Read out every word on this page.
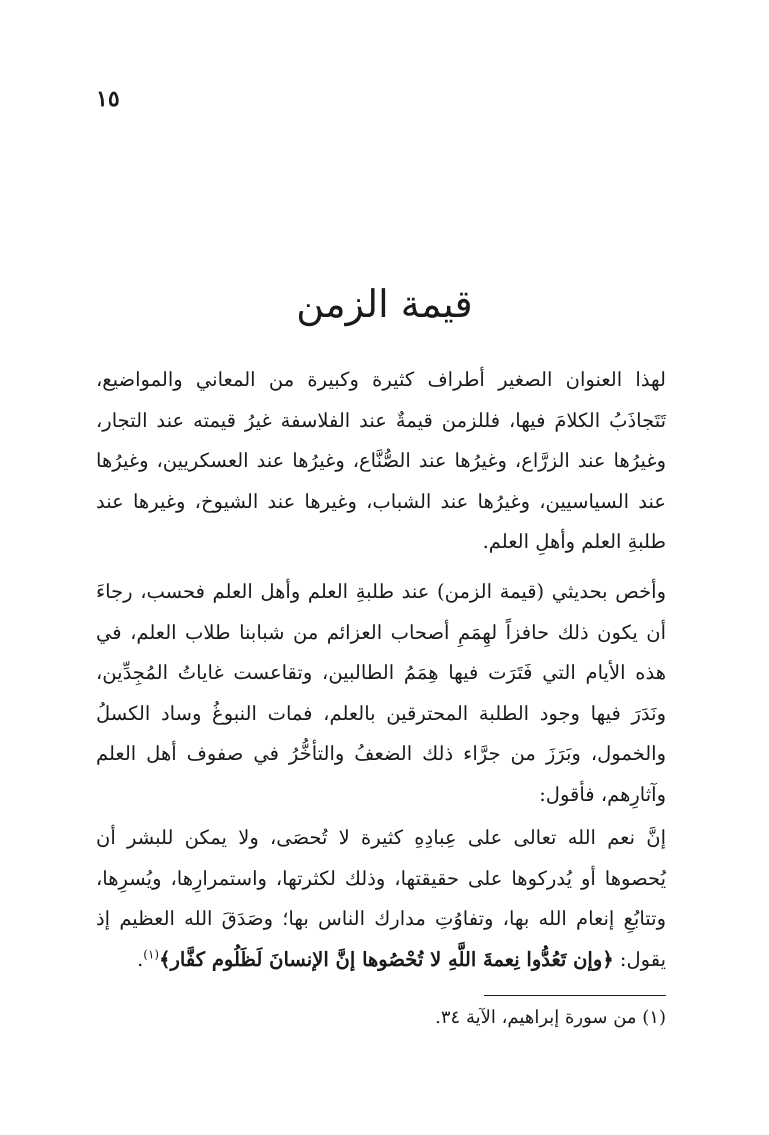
١٥
قيمة الزمن

لهذا العنوان الصغير أطراف كثيرة وكبيرة من المعاني والمواضيع، تَتَجاذَبُ الكلامَ فيها، فللزمن قيمةٌ عند الفلاسفة غيرُ قيمته عند التجار، وغيرُها عند الزرَّاع، وغيرُها عند الصُّنَّاع، وغيرُها عند العسكريين، وغيرُها عند السياسيين، وغيرُها عند الشباب، وغيرها عند الشيوخ، وغيرها عند طلبةِ العلم وأهلِ العلم.

وأخص بحديثي (قيمة الزمن) عند طلبةِ العلم وأهل العلم فحسب، رجاءَ أن يكون ذلك حافزاً لهِمَمِ أصحاب العزائم من شبابنا طلاب العلم، في هذه الأيام التي فَتَرَت فيها هِمَمُ الطالبين، وتقاعست غاياتُ المُجِدِّين، ونَدَرَ فيها وجود الطلبة المحترقين بالعلم، فمات النبوغُ وساد الكسلُ والخمول، وبَرَزَ من جرَّاء ذلك الضعفُ والتأخُّرُ في صفوف أهل العلم وآثارِهم، فأقول:

إنَّ نعم الله تعالى على عِبادِهِ كثيرة لا تُحصَى، ولا يمكن للبشر أن يُحصوها أو يُدركوها على حقيقتها، وذلك لكثرتها، واستمرارِها، ويُسرِها، وتتابُعِ إنعام الله بها، وتفاوُتِ مدارك الناس بها؛ وصَدَقَ الله العظيم إذ يقول: ﴿وإن تَعُدُّوا نِعمةَ اللَّهِ لا تُحْصُوها إنَّ الإنسانَ لَظَلُوم كفَّار﴾$^{(١)}$.

(١) من سورة إبراهيم، الآية ٣٤.
